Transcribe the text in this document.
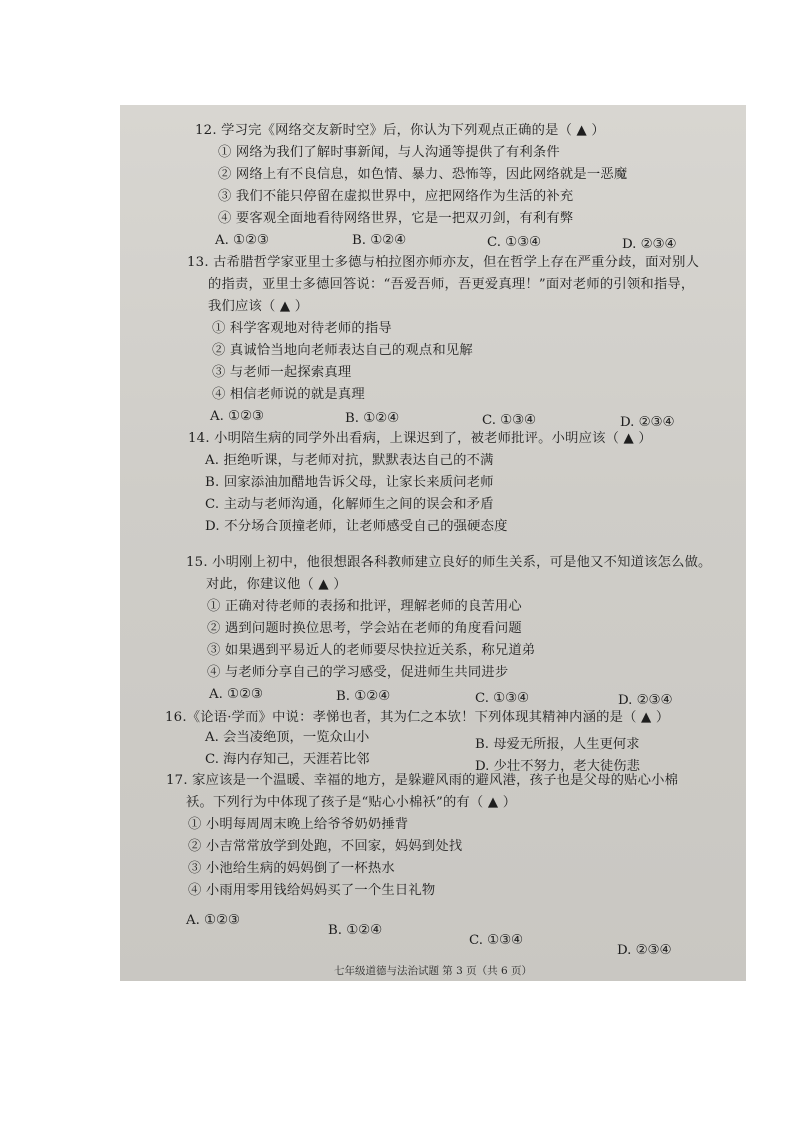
12. 学习完《网络交友新时空》后，你认为下列观点正确的是（ ▲ ）
① 网络为我们了解时事新闻，与人沟通等提供了有利条件
② 网络上有不良信息，如色情、暴力、恐怖等，因此网络就是一恶魔
③ 我们不能只停留在虚拟世界中，应把网络作为生活的补充
④ 要客观全面地看待网络世界，它是一把双刃剑，有利有弊
A. ①②③	B. ①②④	C. ①③④	D. ②③④
13. 古希腊哲学家亚里士多德与柏拉图亦师亦友，但在哲学上存在严重分歧，面对别人
的指责，亚里士多德回答说：“吾爱吾师，吾更爱真理！”面对老师的引领和指导，
我们应该（ ▲ ）
① 科学客观地对待老师的指导
② 真诚恰当地向老师表达自己的观点和见解
③ 与老师一起探索真理
④ 相信老师说的就是真理
A. ①②③	B. ①②④	C. ①③④	D. ②③④
14. 小明陪生病的同学外出看病，上课迟到了，被老师批评。小明应该（ ▲ ）
A. 拒绝听课，与老师对抗，默默表达自己的不满
B. 回家添油加醋地告诉父母，让家长来质问老师
C. 主动与老师沟通，化解师生之间的误会和矛盾
D. 不分场合顶撞老师，让老师感受自己的强硬态度
15. 小明刚上初中，他很想跟各科教师建立良好的师生关系，可是他又不知道该怎么做。
对此，你建议他（ ▲ ）
① 正确对待老师的表扬和批评，理解老师的良苦用心
② 遇到问题时换位思考，学会站在老师的角度看问题
③ 如果遇到平易近人的老师要尽快拉近关系，称兄道弟
④ 与老师分享自己的学习感受，促进师生共同进步
A. ①②③	B. ①②④	C. ①③④	D. ②③④
16.《论语·学而》中说：孝悌也者，其为仁之本欤！下列体现其精神内涵的是（ ▲ ）
A. 会当凌绝顶，一览众山小	B. 母爱无所报，人生更何求
C. 海内存知己，天涯若比邻	D. 少壮不努力，老大徒伤悲
17. 家应该是一个温暖、幸福的地方，是躲避风雨的避风港，孩子也是父母的贴心小棉
袄。下列行为中体现了孩子是“贴心小棉袄”的有（ ▲ ）
① 小明每周周末晚上给爷爷奶奶捶背
② 小吉常常放学到处跑，不回家，妈妈到处找
③ 小池给生病的妈妈倒了一杯热水
④ 小雨用零用钱给妈妈买了一个生日礼物
A. ①②③
B. ①②④
C. ①③④
D. ②③④
七年级道德与法治试题 第 3 页（共 6 页）
